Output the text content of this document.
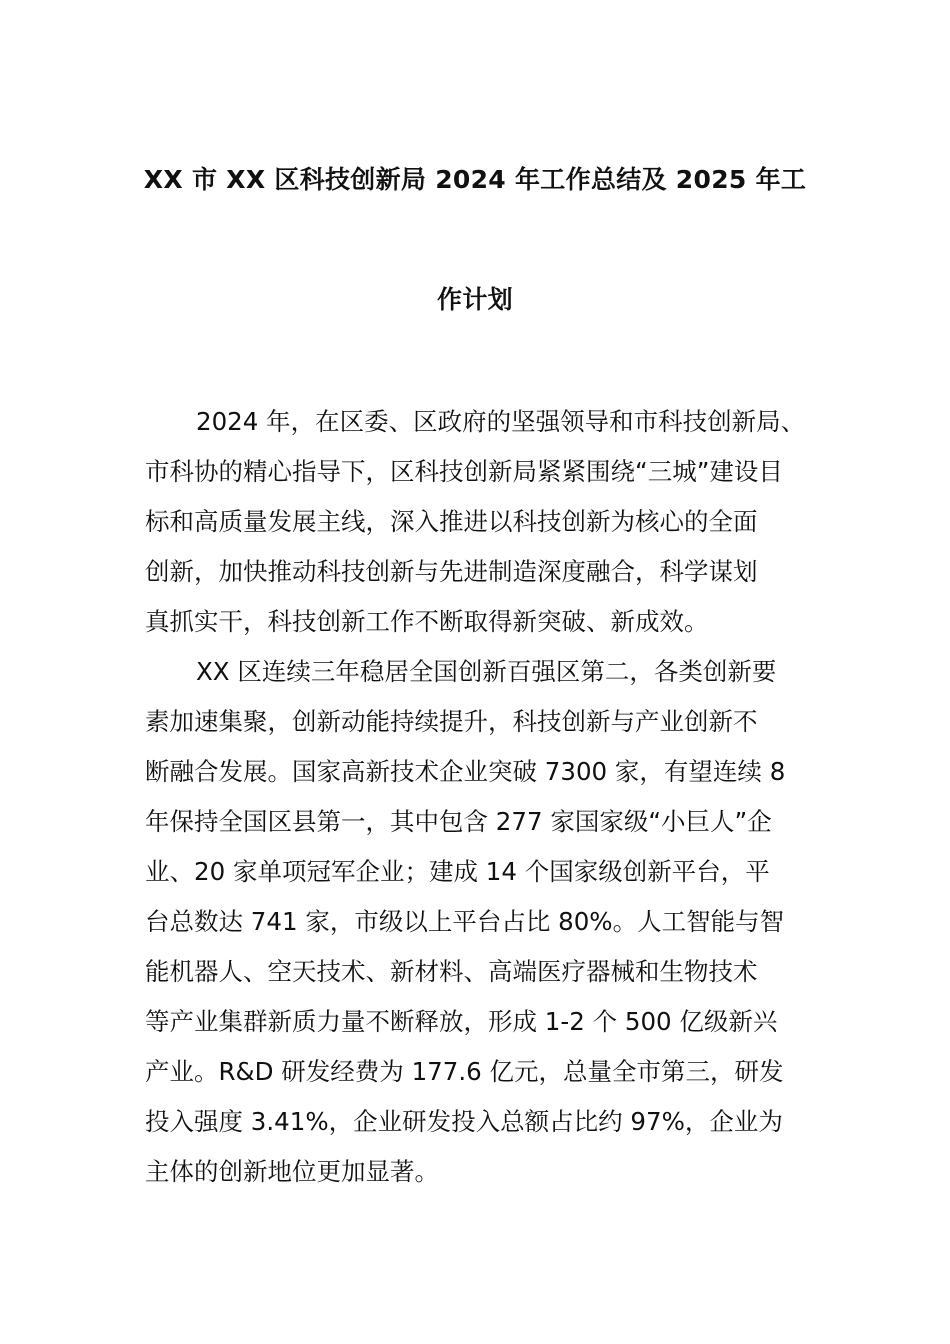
XX 市 XX 区科技创新局 2024 年工作总结及 2025 年工
作计划
2024 年，在区委、区政府的坚强领导和市科技创新局、
市科协的精心指导下，区科技创新局紧紧围绕“三城”建设目
标和高质量发展主线，深入推进以科技创新为核心的全面
创新，加快推动科技创新与先进制造深度融合，科学谋划
真抓实干，科技创新工作不断取得新突破、新成效。
XX 区连续三年稳居全国创新百强区第二，各类创新要
素加速集聚，创新动能持续提升，科技创新与产业创新不
断融合发展。国家高新技术企业突破 7300 家，有望连续 8
年保持全国区县第一，其中包含 277 家国家级“小巨人”企
业、20 家单项冠军企业；建成 14 个国家级创新平台，平
台总数达 741 家，市级以上平台占比 80%。人工智能与智
能机器人、空天技术、新材料、高端医疗器械和生物技术
等产业集群新质力量不断释放，形成 1-2 个 500 亿级新兴
产业。R&D 研发经费为 177.6 亿元，总量全市第三，研发
投入强度 3.41%，企业研发投入总额占比约 97%，企业为
主体的创新地位更加显著。
